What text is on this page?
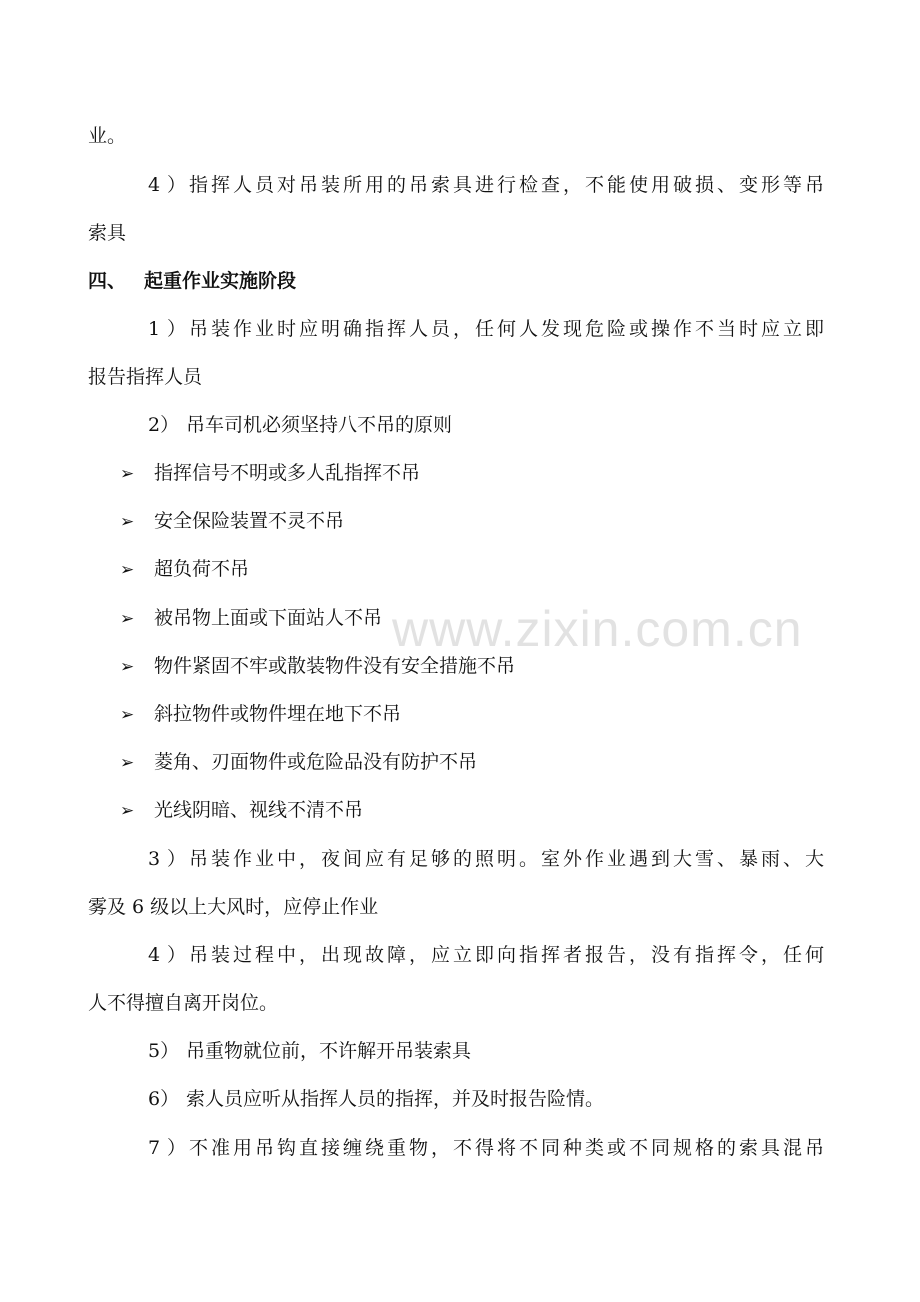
业。
4）指挥人员对吊装所用的吊索具进行检查，不能使用破损、变形等吊
索具
四、 起重作业实施阶段
1）吊装作业时应明确指挥人员，任何人发现危险或操作不当时应立即
报告指挥人员
2） 吊车司机必须坚持八不吊的原则
➢ 指挥信号不明或多人乱指挥不吊
➢ 安全保险装置不灵不吊
➢ 超负荷不吊
➢ 被吊物上面或下面站人不吊
➢ 物件紧固不牢或散装物件没有安全措施不吊
➢ 斜拉物件或物件埋在地下不吊
➢ 菱角、刃面物件或危险品没有防护不吊
➢ 光线阴暗、视线不清不吊
3）吊装作业中，夜间应有足够的照明。室外作业遇到大雪、暴雨、大
雾及 6 级以上大风时，应停止作业
4）吊装过程中，出现故障，应立即向指挥者报告，没有指挥令，任何
人不得擅自离开岗位。
5） 吊重物就位前，不许解开吊装索具
6） 索人员应听从指挥人员的指挥，并及时报告险情。
7）不准用吊钩直接缠绕重物，不得将不同种类或不同规格的索具混吊
www.zixin.com.cn
